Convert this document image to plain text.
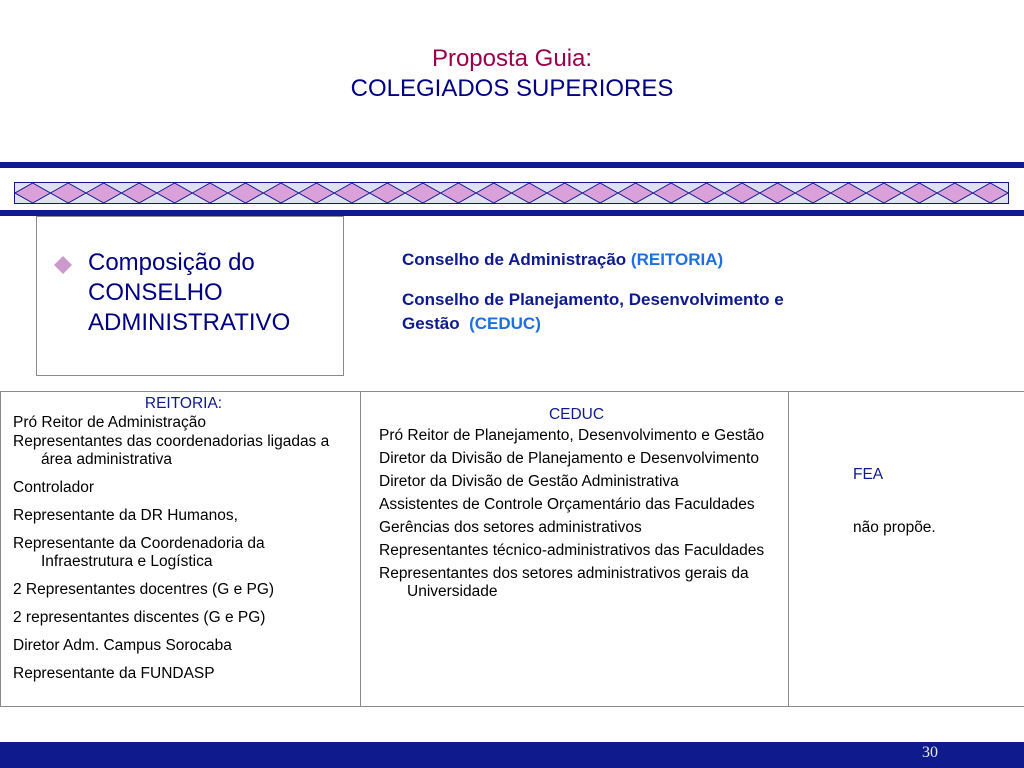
Proposta Guia:
COLEGIADOS SUPERIORES
Composição do
CONSELHO
ADMINISTRATIVO
Conselho de Administração (REITORIA)
Conselho de Planejamento, Desenvolvimento e
Gestão (CEDUC)
REITORIA:
Pró Reitor de Administração
Representantes das coordenadorias ligadas a área administrativa
Controlador
Representante da DR Humanos,
Representante da Coordenadoria da Infraestrutura e Logística
2 Representantes docentres (G e PG)
2 representantes discentes (G e PG)
Diretor Adm. Campus Sorocaba
Representante da FUNDASP

CEDUC
Pró Reitor de Planejamento, Desenvolvimento e Gestão
Diretor da Divisão de Planejamento e Desenvolvimento
Diretor da Divisão de Gestão Administrativa
Assistentes de Controle Orçamentário das Faculdades
Gerências dos setores administrativos
Representantes técnico-administrativos das Faculdades
Representantes dos setores administrativos gerais da Universidade

FEA
não propõe.
30
